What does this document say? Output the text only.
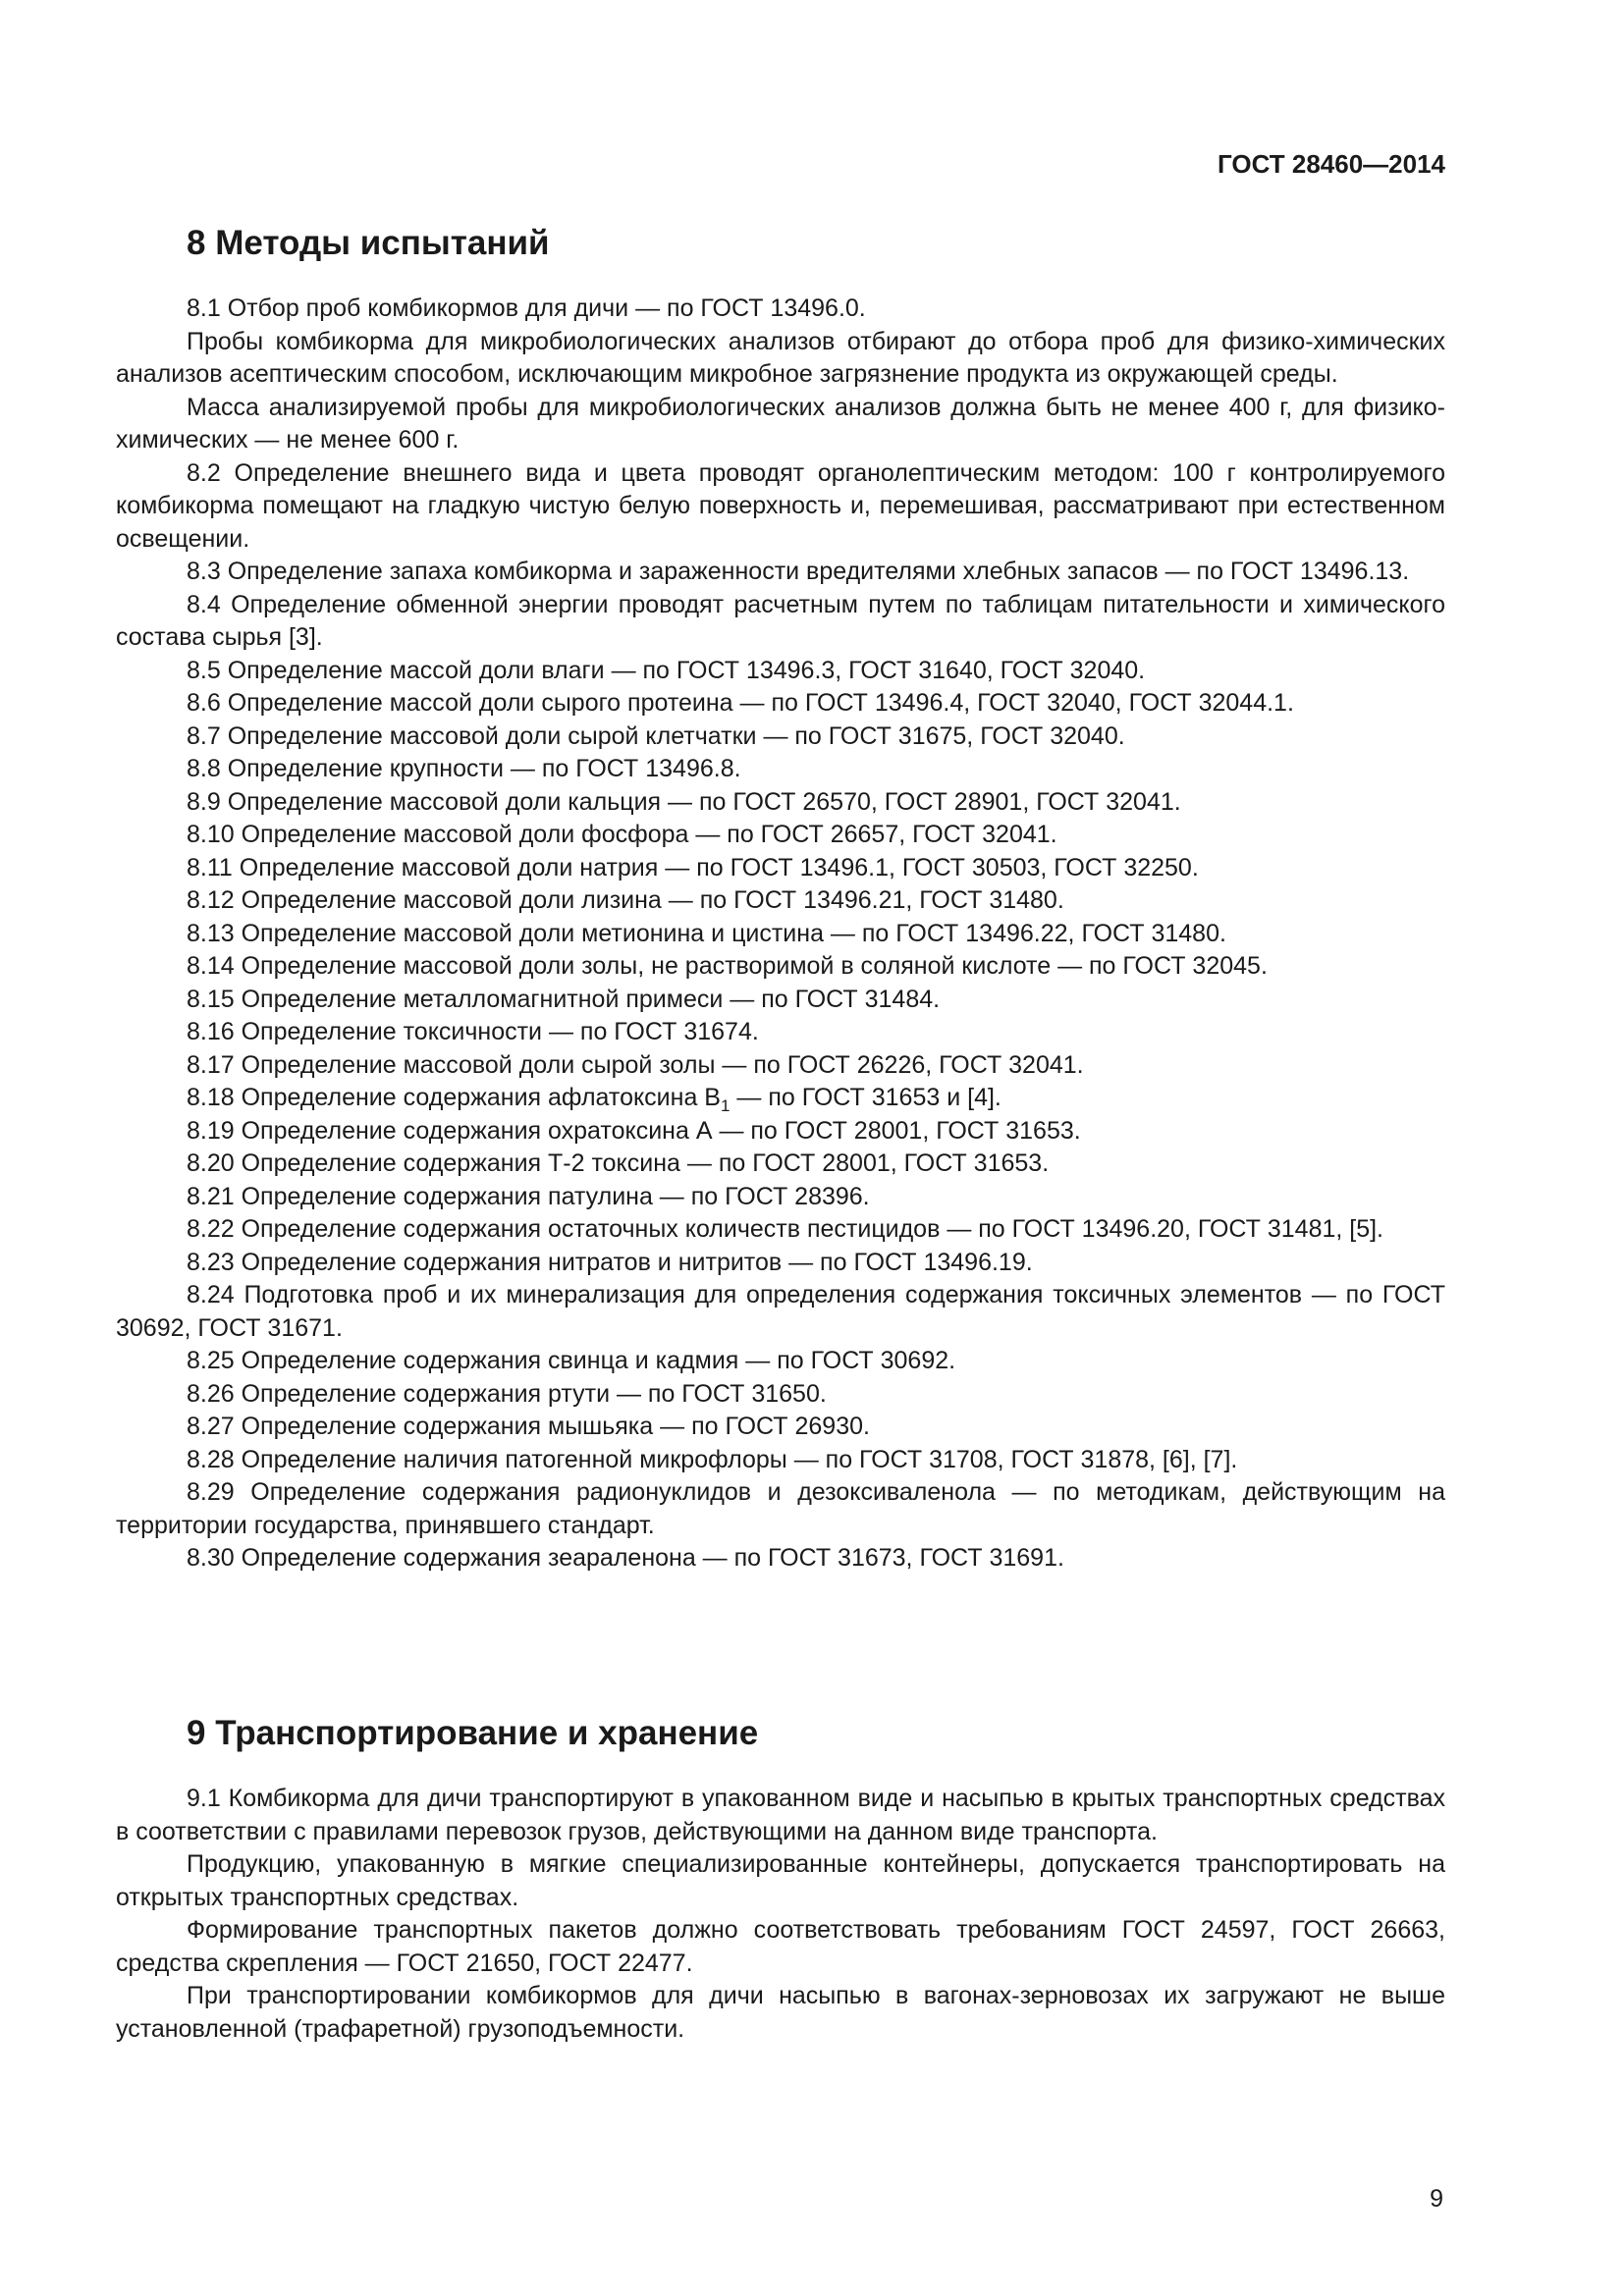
ГОСТ 28460—2014
8 Методы испытаний

8.1 Отбор проб комбикормов для дичи — по ГОСТ 13496.0.

Пробы комбикорма для микробиологических анализов отбирают до отбора проб для физико-химических анализов асептическим способом, исключающим микробное загрязнение продукта из окружающей среды.

Масса анализируемой пробы для микробиологических анализов должна быть не менее 400 г, для физико-химических — не менее 600 г.

8.2 Определение внешнего вида и цвета проводят органолептическим методом: 100 г контролируемого комбикорма помещают на гладкую чистую белую поверхность и, перемешивая, рассматривают при естественном освещении.

8.3 Определение запаха комбикорма и зараженности вредителями хлебных запасов — по ГОСТ 13496.13.

8.4 Определение обменной энергии проводят расчетным путем по таблицам питательности и химического состава сырья [3].

8.5 Определение массой доли влаги — по ГОСТ 13496.3, ГОСТ 31640, ГОСТ 32040.

8.6 Определение массой доли сырого протеина — по ГОСТ 13496.4, ГОСТ 32040, ГОСТ 32044.1.

8.7 Определение массовой доли сырой клетчатки — по ГОСТ 31675, ГОСТ 32040.

8.8 Определение крупности — по ГОСТ 13496.8.

8.9 Определение массовой доли кальция — по ГОСТ 26570, ГОСТ 28901, ГОСТ 32041.

8.10 Определение массовой доли фосфора — по ГОСТ 26657, ГОСТ 32041.

8.11 Определение массовой доли натрия — по ГОСТ 13496.1, ГОСТ 30503, ГОСТ 32250.

8.12 Определение массовой доли лизина — по ГОСТ 13496.21, ГОСТ 31480.

8.13 Определение массовой доли метионина и цистина — по ГОСТ 13496.22, ГОСТ 31480.

8.14 Определение массовой доли золы, не растворимой в соляной кислоте — по ГОСТ 32045.

8.15 Определение металломагнитной примеси — по ГОСТ 31484.

8.16 Определение токсичности — по ГОСТ 31674.

8.17 Определение массовой доли сырой золы — по ГОСТ 26226, ГОСТ 32041.

8.18 Определение содержания афлатоксина $В_1$ — по ГОСТ 31653 и [4].

8.19 Определение содержания охратоксина А — по ГОСТ 28001, ГОСТ 31653.

8.20 Определение содержания Т-2 токсина — по ГОСТ 28001, ГОСТ 31653.

8.21 Определение содержания патулина — по ГОСТ 28396.

8.22 Определение содержания остаточных количеств пестицидов — по ГОСТ 13496.20, ГОСТ 31481, [5].

8.23 Определение содержания нитратов и нитритов — по ГОСТ 13496.19.

8.24 Подготовка проб и их минерализация для определения содержания токсичных элементов — по ГОСТ 30692, ГОСТ 31671.

8.25 Определение содержания свинца и кадмия — по ГОСТ 30692.

8.26 Определение содержания ртути — по ГОСТ 31650.

8.27 Определение содержания мышьяка — по ГОСТ 26930.

8.28 Определение наличия патогенной микрофлоры — по ГОСТ 31708, ГОСТ 31878, [6], [7].

8.29 Определение содержания радионуклидов и дезоксиваленола — по методикам, действующим на территории государства, принявшего стандарт.

8.30 Определение содержания зеараленона — по ГОСТ 31673, ГОСТ 31691.

9 Транспортирование и хранение

9.1 Комбикорма для дичи транспортируют в упакованном виде и насыпью в крытых транспортных средствах в соответствии с правилами перевозок грузов, действующими на данном виде транспорта.

Продукцию, упакованную в мягкие специализированные контейнеры, допускается транспортировать на открытых транспортных средствах.

Формирование транспортных пакетов должно соответствовать требованиям ГОСТ 24597, ГОСТ 26663, средства скрепления — ГОСТ 21650, ГОСТ 22477.

При транспортировании комбикормов для дичи насыпью в вагонах-зерновозах их загружают не выше установленной (трафаретной) грузоподъемности.

9
